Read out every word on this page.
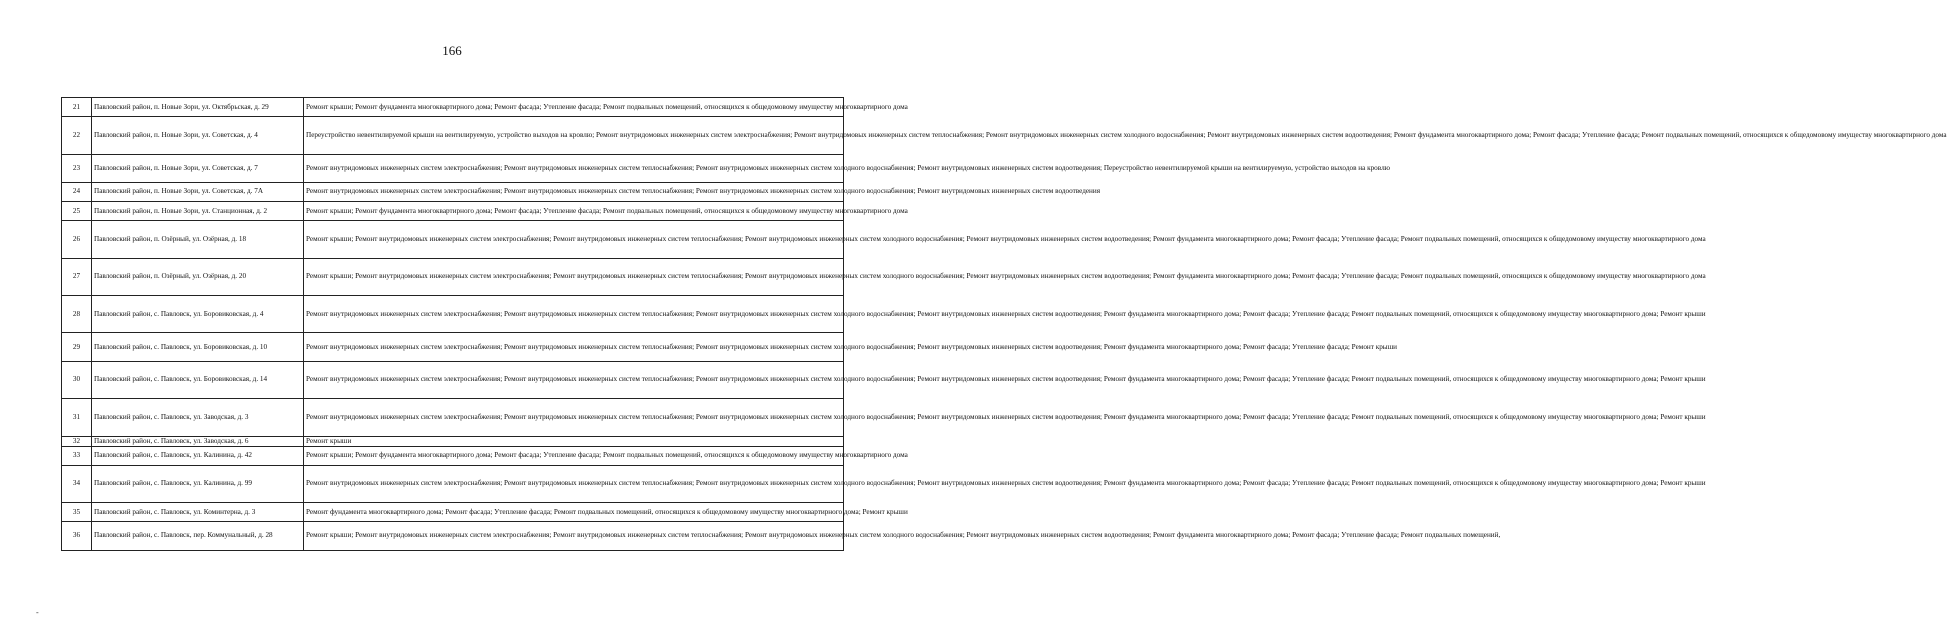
166
21	Павловский район, п. Новые Зори, ул. Октябрьская, д. 29	Ремонт крыши; Ремонт фундамента многоквартирного дома; Ремонт фасада; Утепление фасада; Ремонт подвальных помещений, относящихся к общедомовому имуществу многоквартирного дома
22	Павловский район, п. Новые Зори, ул. Советская, д. 4	Переустройство невентилируемой крыши на вентилируемую, устройство выходов на кровлю; Ремонт внутридомовых инженерных систем электроснабжения; Ремонт внутридомовых инженерных систем теплоснабжения; Ремонт внутридомовых инженерных систем холодного водоснабжения; Ремонт внутридомовых инженерных систем водоотведения; Ремонт фундамента многоквартирного дома; Ремонт фасада; Утепление фасада; Ремонт подвальных помещений, относящихся к общедомовому имуществу многоквартирного дома
23	Павловский район, п. Новые Зори, ул. Советская, д. 7	Ремонт внутридомовых инженерных систем электроснабжения; Ремонт внутридомовых инженерных систем теплоснабжения; Ремонт внутридомовых инженерных систем холодного водоснабжения; Ремонт внутридомовых инженерных систем водоотведения; Переустройство невентилируемой крыши на вентилируемую, устройство выходов на кровлю
24	Павловский район, п. Новые Зори, ул. Советская, д. 7А	Ремонт внутридомовых инженерных систем электроснабжения; Ремонт внутридомовых инженерных систем теплоснабжения; Ремонт внутридомовых инженерных систем холодного водоснабжения; Ремонт внутридомовых инженерных систем водоотведения
25	Павловский район, п. Новые Зори, ул. Станционная, д. 2	Ремонт крыши; Ремонт фундамента многоквартирного дома; Ремонт фасада; Утепление фасада; Ремонт подвальных помещений, относящихся к общедомовому имуществу многоквартирного дома
26	Павловский район, п. Озёрный, ул. Озёрная, д. 18	Ремонт крыши; Ремонт внутридомовых инженерных систем электроснабжения; Ремонт внутридомовых инженерных систем теплоснабжения; Ремонт внутридомовых инженерных систем холодного водоснабжения; Ремонт внутридомовых инженерных систем водоотведения; Ремонт фундамента многоквартирного дома; Ремонт фасада; Утепление фасада; Ремонт подвальных помещений, относящихся к общедомовому имуществу многоквартирного дома
27	Павловский район, п. Озёрный, ул. Озёрная, д. 20	Ремонт крыши; Ремонт внутридомовых инженерных систем электроснабжения; Ремонт внутридомовых инженерных систем теплоснабжения; Ремонт внутридомовых инженерных систем холодного водоснабжения; Ремонт внутридомовых инженерных систем водоотведения; Ремонт фундамента многоквартирного дома; Ремонт фасада; Утепление фасада; Ремонт подвальных помещений, относящихся к общедомовому имуществу многоквартирного дома
28	Павловский район, с. Павловск, ул. Боровиковская, д. 4	Ремонт внутридомовых инженерных систем электроснабжения; Ремонт внутридомовых инженерных систем теплоснабжения; Ремонт внутридомовых инженерных систем холодного водоснабжения; Ремонт внутридомовых инженерных систем водоотведения; Ремонт фундамента многоквартирного дома; Ремонт фасада; Утепление фасада; Ремонт подвальных помещений, относящихся к общедомовому имуществу многоквартирного дома; Ремонт крыши
29	Павловский район, с. Павловск, ул. Боровиковская, д. 10	Ремонт внутридомовых инженерных систем электроснабжения; Ремонт внутридомовых инженерных систем теплоснабжения; Ремонт внутридомовых инженерных систем холодного водоснабжения; Ремонт внутридомовых инженерных систем водоотведения; Ремонт фундамента многоквартирного дома; Ремонт фасада; Утепление фасада; Ремонт крыши
30	Павловский район, с. Павловск, ул. Боровиковская, д. 14	Ремонт внутридомовых инженерных систем электроснабжения; Ремонт внутридомовых инженерных систем теплоснабжения; Ремонт внутридомовых инженерных систем холодного водоснабжения; Ремонт внутридомовых инженерных систем водоотведения; Ремонт фундамента многоквартирного дома; Ремонт фасада; Утепление фасада; Ремонт подвальных помещений, относящихся к общедомовому имуществу многоквартирного дома; Ремонт крыши
31	Павловский район, с. Павловск, ул. Заводская, д. 3	Ремонт внутридомовых инженерных систем электроснабжения; Ремонт внутридомовых инженерных систем теплоснабжения; Ремонт внутридомовых инженерных систем холодного водоснабжения; Ремонт внутридомовых инженерных систем водоотведения; Ремонт фундамента многоквартирного дома; Ремонт фасада; Утепление фасада; Ремонт подвальных помещений, относящихся к общедомовому имуществу многоквартирного дома; Ремонт крыши
32	Павловский район, с. Павловск, ул. Заводская, д. 6	Ремонт крыши
33	Павловский район, с. Павловск, ул. Калинина, д. 42	Ремонт крыши; Ремонт фундамента многоквартирного дома; Ремонт фасада; Утепление фасада; Ремонт подвальных помещений, относящихся к общедомовому имуществу многоквартирного дома
34	Павловский район, с. Павловск, ул. Калинина, д. 99	Ремонт внутридомовых инженерных систем электроснабжения; Ремонт внутридомовых инженерных систем теплоснабжения; Ремонт внутридомовых инженерных систем холодного водоснабжения; Ремонт внутридомовых инженерных систем водоотведения; Ремонт фундамента многоквартирного дома; Ремонт фасада; Утепление фасада; Ремонт подвальных помещений, относящихся к общедомовому имуществу многоквартирного дома; Ремонт крыши
35	Павловский район, с. Павловск, ул. Коминтерна, д. 3	Ремонт фундамента многоквартирного дома; Ремонт фасада; Утепление фасада; Ремонт подвальных помещений, относящихся к общедомовому имуществу многоквартирного дома; Ремонт крыши
36	Павловский район, с. Павловск, пер. Коммунальный, д. 28	Ремонт крыши; Ремонт внутридомовых инженерных систем электроснабжения; Ремонт внутридомовых инженерных систем теплоснабжения; Ремонт внутридомовых инженерных систем холодного водоснабжения; Ремонт внутридомовых инженерных систем водоотведения; Ремонт фундамента многоквартирного дома; Ремонт фасада; Утепление фасада; Ремонт подвальных помещений,
-
